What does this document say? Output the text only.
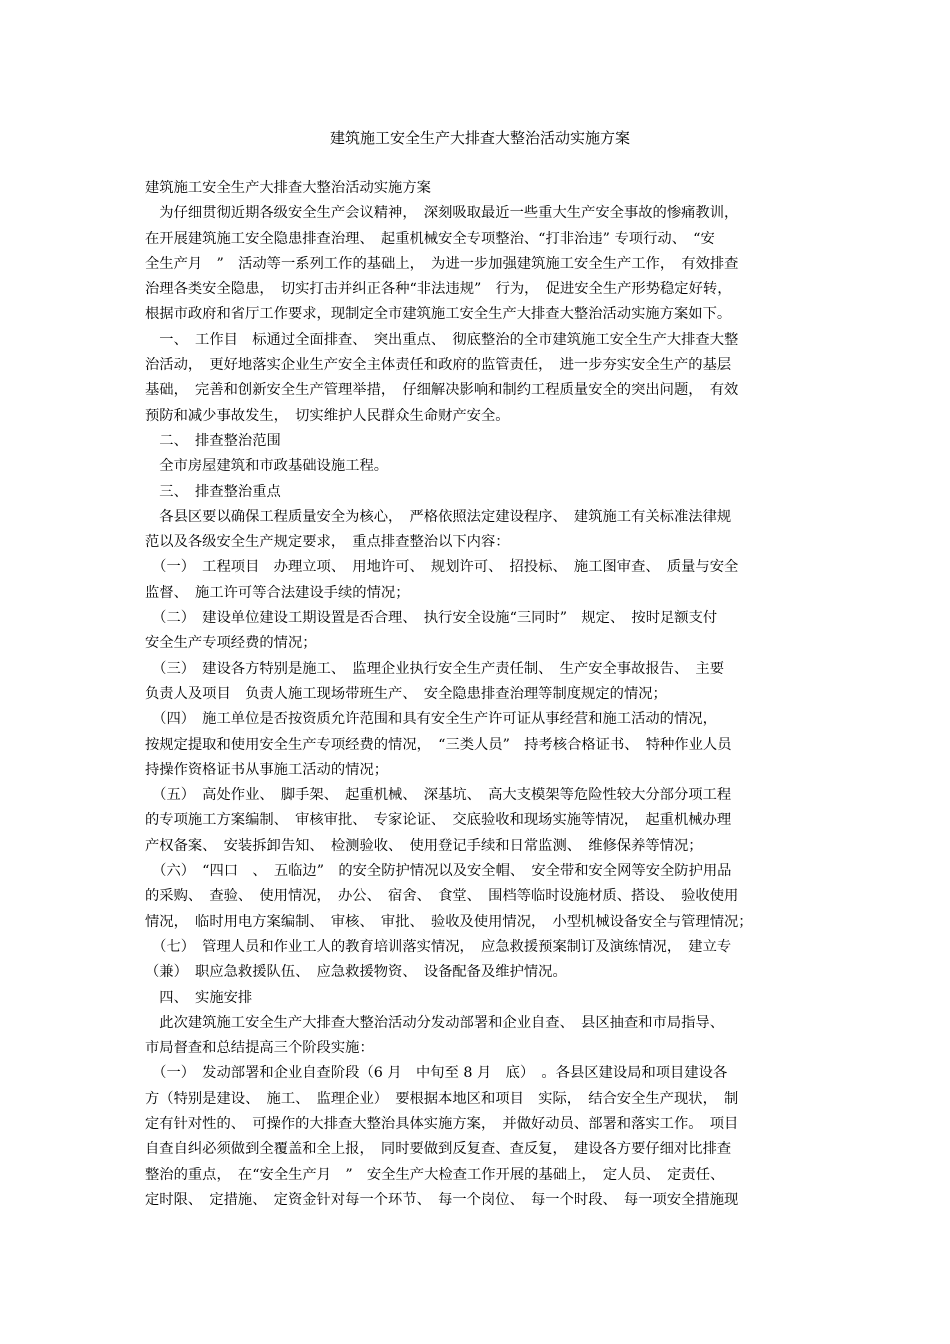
建筑施工安全生产大排查大整治活动实施方案
建筑施工安全生产大排查大整治活动实施方案
　为仔细贯彻近期各级安全生产会议精神，　深刻吸取最近一些重大生产安全事故的惨痛教训，
在开展建筑施工安全隐患排查治理、　起重机械安全专项整治、“打非治违” 专项行动、　“安
全生产月　”　活动等一系列工作的基础上，　为进一步加强建筑施工安全生产工作，　有效排查
治理各类安全隐患，　切实打击并纠正各种“非法违规”　行为，　促进安全生产形势稳定好转，
根据市政府和省厅工作要求，现制定全市建筑施工安全生产大排查大整治活动实施方案如下。
　一、　工作目　标通过全面排查、　突出重点、　彻底整治的全市建筑施工安全生产大排查大整
治活动，　更好地落实企业生产安全主体责任和政府的监管责任，　进一步夯实安全生产的基层
基础，　完善和创新安全生产管理举措，　仔细解决影响和制约工程质量安全的突出问题，　有效
预防和减少事故发生，　切实维护人民群众生命财产安全。
　二、　排查整治范围
　全市房屋建筑和市政基础设施工程。
　三、　排查整治重点
　各县区要以确保工程质量安全为核心，　严格依照法定建设程序、　建筑施工有关标准法律规
范以及各级安全生产规定要求，　重点排查整治以下内容：
　（一）　工程项目　办理立项、　用地许可、　规划许可、　招投标、　施工图审查、　质量与安全
监督、　施工许可等合法建设手续的情况；
　（二）　建设单位建设工期设置是否合理、　执行安全设施“三同时”　规定、　按时足额支付
安全生产专项经费的情况；
　（三）　建设各方特别是施工、　监理企业执行安全生产责任制、　生产安全事故报告、　主要
负责人及项目　负责人施工现场带班生产、　安全隐患排查治理等制度规定的情况；
　（四）　施工单位是否按资质允许范围和具有安全生产许可证从事经营和施工活动的情况，
按规定提取和使用安全生产专项经费的情况，　“三类人员”　持考核合格证书、　特种作业人员
持操作资格证书从事施工活动的情况；
　（五）　高处作业、　脚手架、　起重机械、　深基坑、　高大支模架等危险性较大分部分项工程
的专项施工方案编制、　审核审批、　专家论证、　交底验收和现场实施等情况，　起重机械办理
产权备案、　安装拆卸告知、　检测验收、　使用登记手续和日常监测、　维修保养等情况；
　（六）　“四口　、　五临边”　的安全防护情况以及安全帽、　安全带和安全网等安全防护用品
的采购、　查验、　使用情况，　办公、　宿舍、　食堂、　围档等临时设施材质、搭设、　验收使用
情况，　临时用电方案编制、　审核、　审批、　验收及使用情况，　小型机械设备安全与管理情况；
　（七）　管理人员和作业工人的教育培训落实情况，　应急救援预案制订及演练情况，　建立专
（兼）　职应急救援队伍、　应急救援物资、　设备配备及维护情况。
　四、　实施安排
　此次建筑施工安全生产大排查大整治活动分发动部署和企业自查、　县区抽查和市局指导、
市局督查和总结提高三个阶段实施：
　（一）　发动部署和企业自查阶段（6 月　中旬至 8 月　底）　。各县区建设局和项目建设各
方（特别是建设、　施工、　监理企业）　要根据本地区和项目　实际，　结合安全生产现状，　制
定有针对性的、　可操作的大排查大整治具体实施方案，　并做好动员、部署和落实工作。　项目
自查自纠必须做到全覆盖和全上报，　同时要做到反复查、查反复，　建设各方要仔细对比排查
整治的重点，　在“安全生产月　”　安全生产大检查工作开展的基础上，　定人员、　定责任、
定时限、　定措施、　定资金针对每一个环节、　每一个岗位、　每一个时段、　每一项安全措施现
